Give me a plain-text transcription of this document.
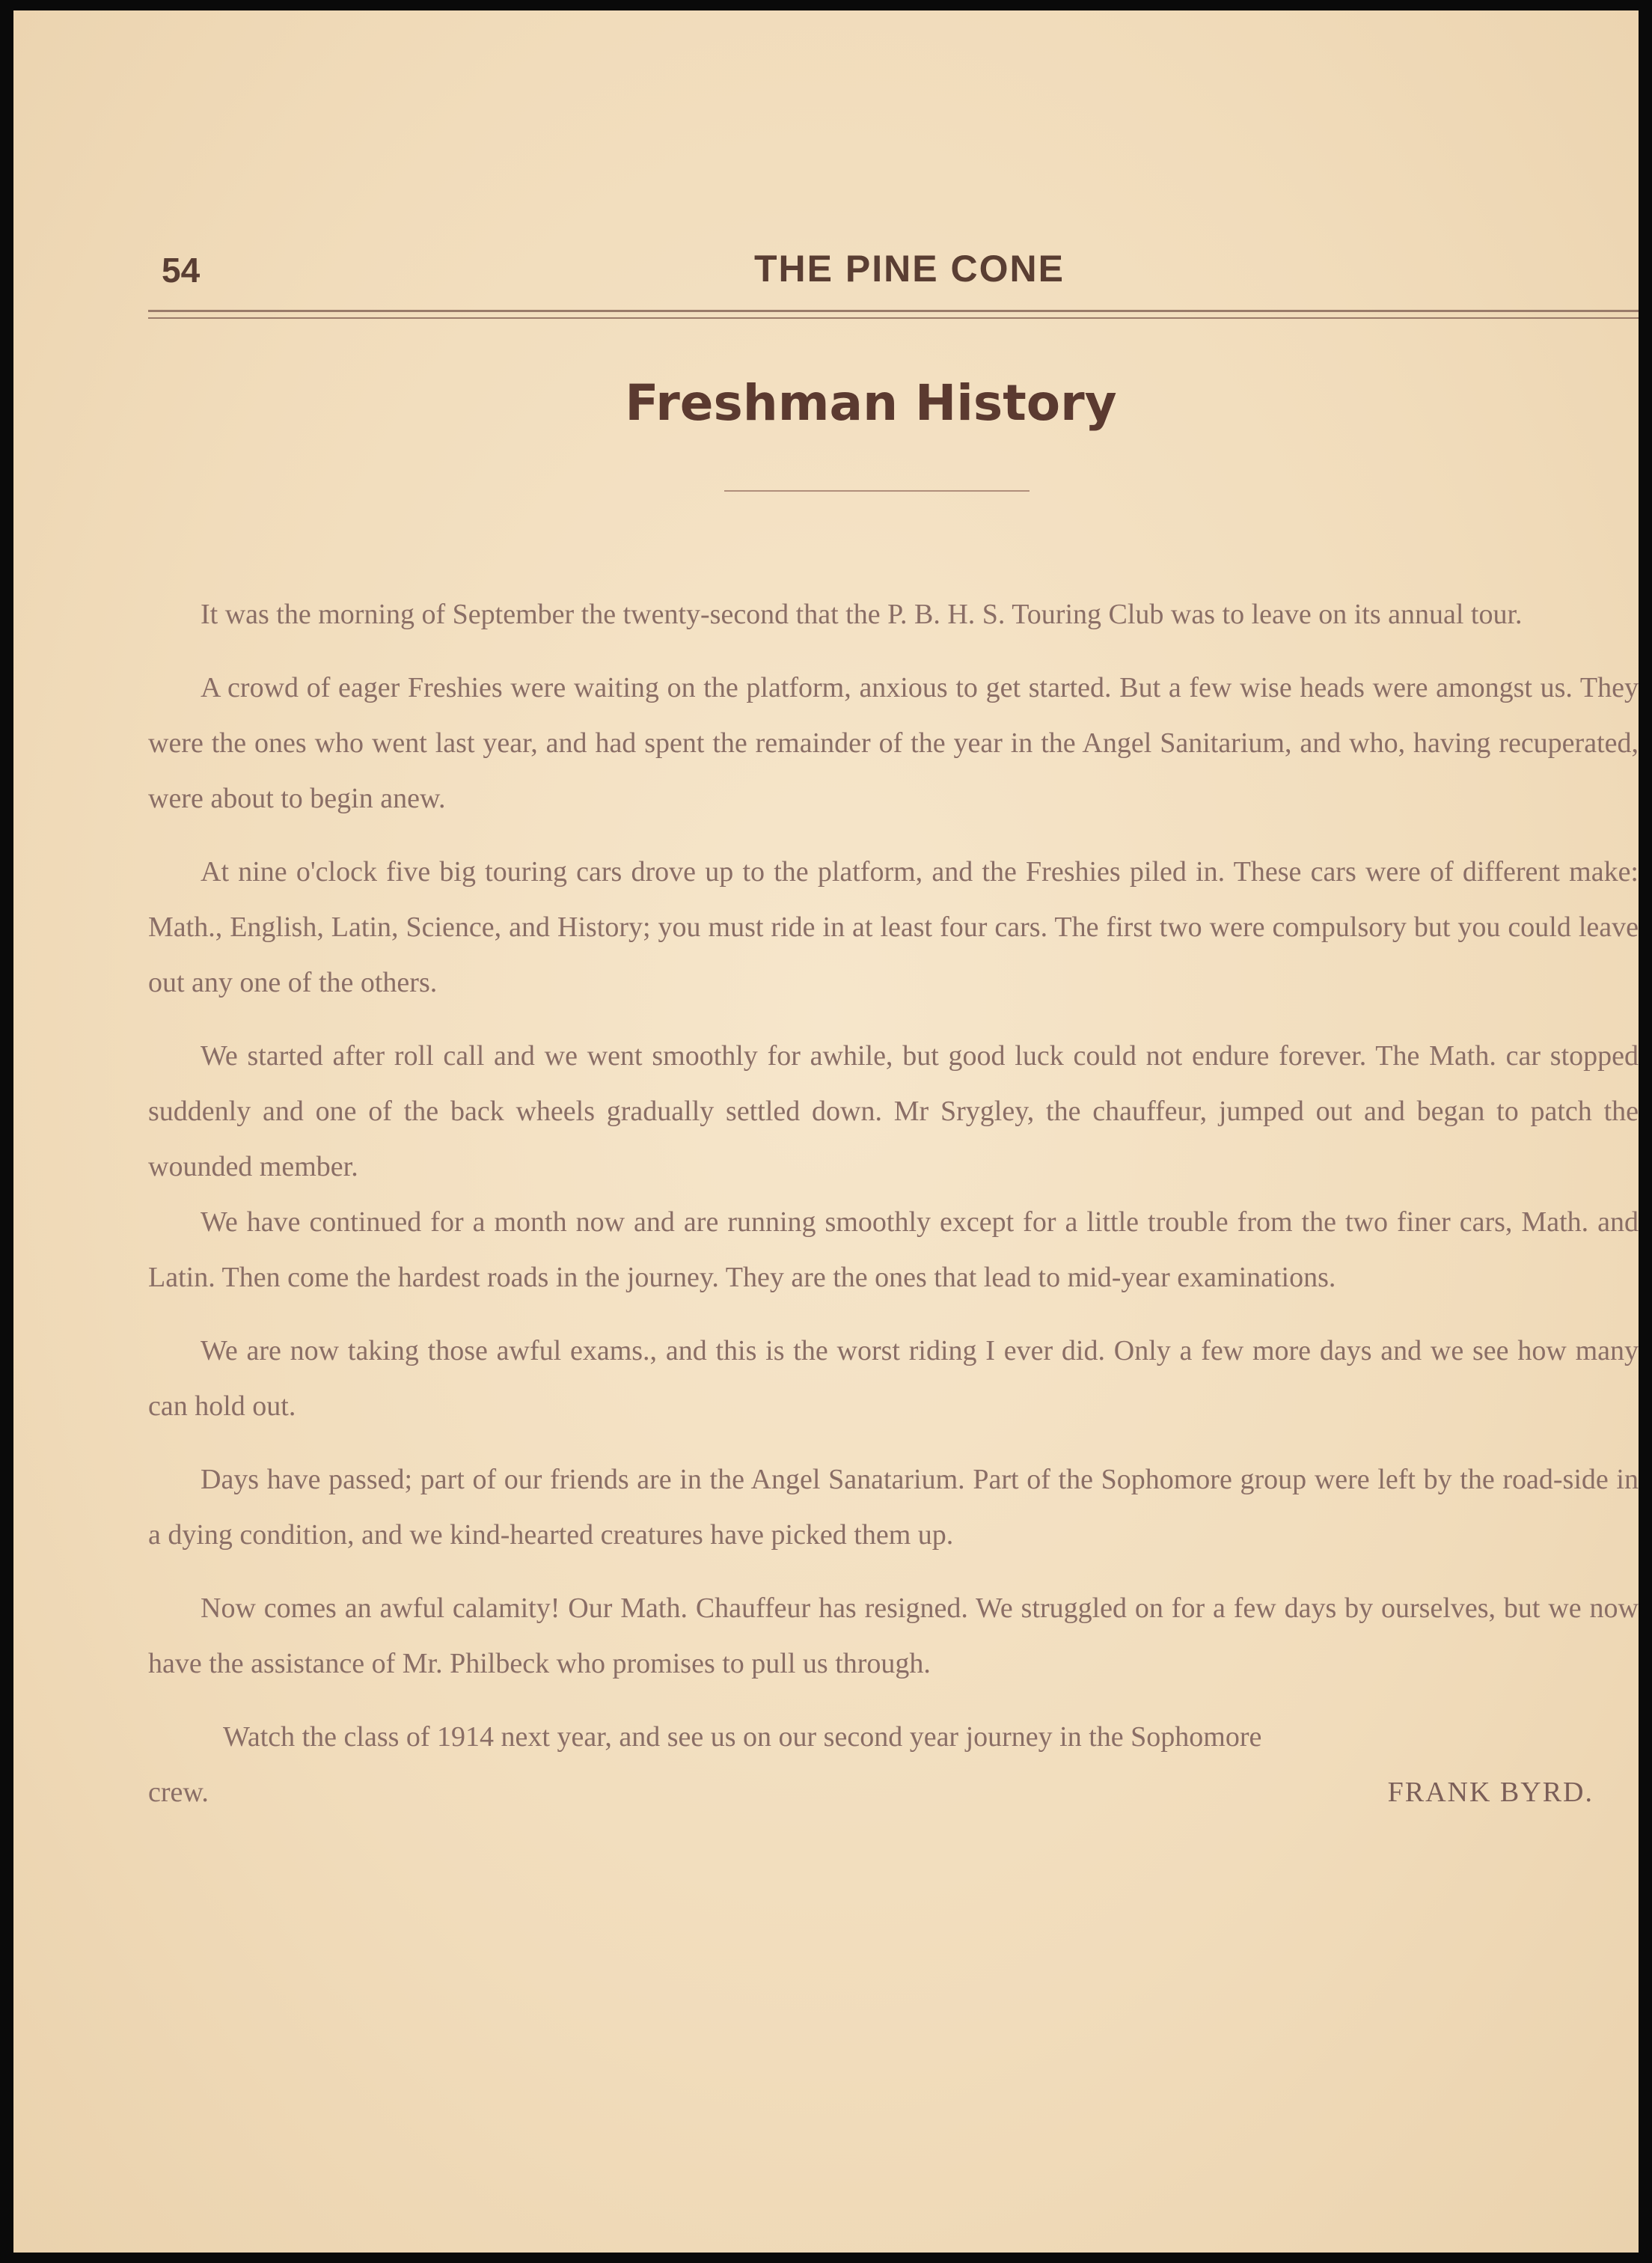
54	THE PINE CONE
Freshman History

It was the morning of September the twenty-second that the P. B. H. S. Touring Club was to leave on its annual tour.

A crowd of eager Freshies were waiting on the platform, anxious to get started. But a few wise heads were amongst us. They were the ones who went last year, and had spent the remainder of the year in the Angel Sanitarium, and who, having recuperated, were about to begin anew.

At nine o'clock five big touring cars drove up to the platform, and the Freshies piled in. These cars were of different make: Math., English, Latin, Science, and History; you must ride in at least four cars. The first two were compulsory but you could leave out any one of the others.

We started after roll call and we went smoothly for awhile, but good luck could not endure forever. The Math. car stopped suddenly and one of the back wheels gradually settled down. Mr Srygley, the chauffeur, jumped out and began to patch the wounded member.

We have continued for a month now and are running smoothly except for a little trouble from the two finer cars, Math. and Latin. Then come the hardest roads in the journey. They are the ones that lead to mid-year examinations.

We are now taking those awful exams., and this is the worst riding I ever did. Only a few more days and we see how many can hold out.

Days have passed; part of our friends are in the Angel Sanatarium. Part of the Sophomore group were left by the road-side in a dying condition, and we kind-hearted creatures have picked them up.

Now comes an awful calamity! Our Math. Chauffeur has resigned. We struggled on for a few days by ourselves, but we now have the assistance of Mr. Philbeck who promises to pull us through.

Watch the class of 1914 next year, and see us on our second year journey in the Sophomore

crew.	FRANK BYRD.
